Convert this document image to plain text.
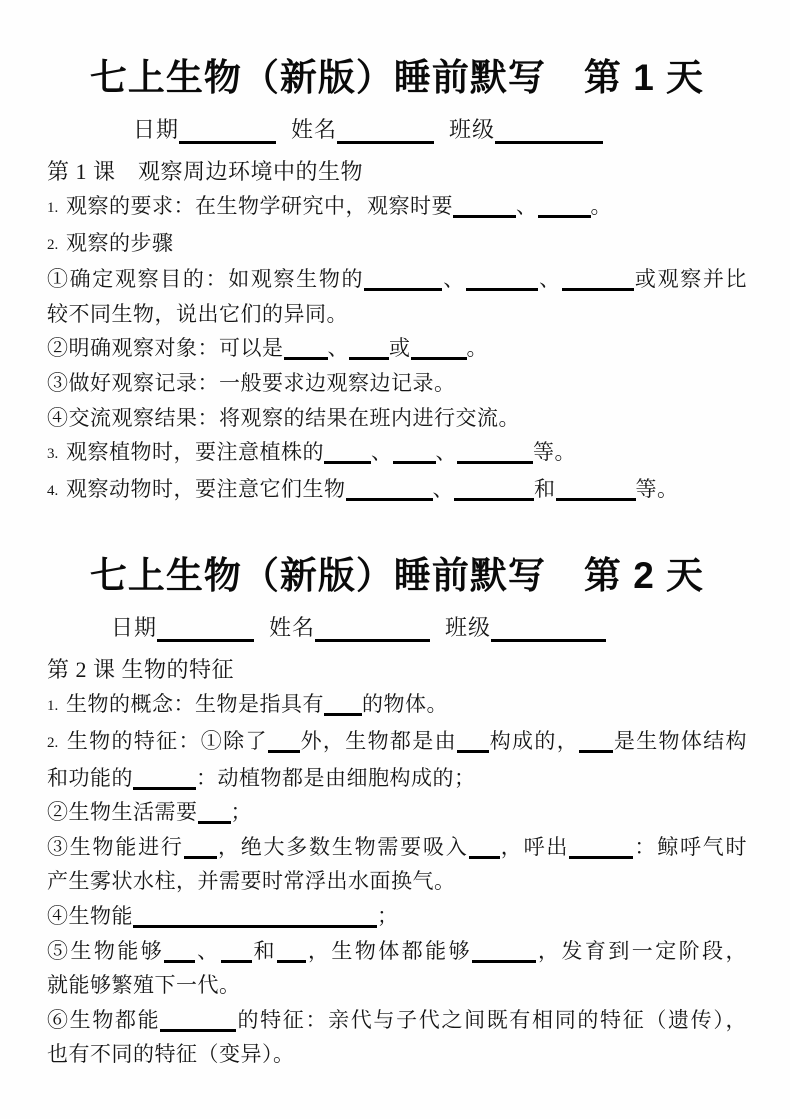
七上生物（新版）睡前默写　第 1 天
日期	姓名	班级

第 1 课　观察周边环境中的生物

1. 观察的要求：在生物学研究中，观察时要	、	。

2. 观察的步骤

①确定观察目的：如观察生物的	、	、	或观察并比

较不同生物，说出它们的异同。

②明确观察对象：可以是 、 或	。

③做好观察记录：一般要求边观察边记录。

④交流观察结果：将观察的结果在班内进行交流。

3. 观察植物时，要注意植株的 、 、	等。

4. 观察动物时，要注意它们生物	、	和	等。

七上生物（新版）睡前默写　第 2 天
日期	姓名	班级

第 2 课 生物的特征

1. 生物的概念：生物是指具有 的物体。

2. 生物的特征：①除了 外，生物都是由 构成的， 是生物体结构

和功能的	：动植物都是由细胞构成的；

②生物生活需要 ；

③生物能进行 ，绝大多数生物需要吸入 ，呼出	：鲸呼气时

产生雾状水柱，并需要时常浮出水面换气。

④生物能	；

⑤生物能够 、 和 ，生物体都能够	，发育到一定阶段，

就能够繁殖下一代。

⑥生物都能	的特征：亲代与子代之间既有相同的特征（遗传），

也有不同的特征（变异）。
